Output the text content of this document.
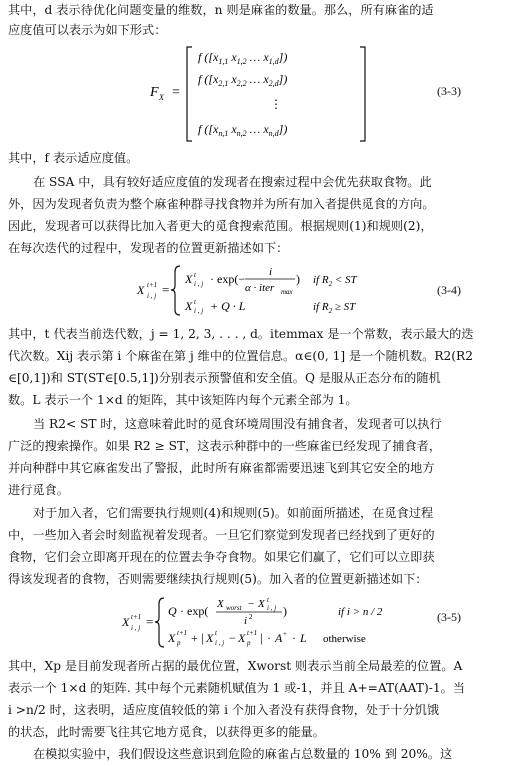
其中，d 表示待优化问题变量的维数，n 则是麻雀的数量。那么，所有麻雀的适
应度值可以表示为如下形式：
F X =
f ([$x_{1,1}$ $x_{1,2}$ … $x_{1,d}$])
f ([$x_{2,1}$ $x_{2,2}$ … $x_{2,d}$])
⋮
f ([$x_{n,1}$ $x_{n,2}$ … $x_{n,d}$])
(3-3)
其中，f 表示适应度值。
在 SSA 中，具有较好适应度值的发现者在搜索过程中会优先获取食物。此
外，因为发现者负责为整个麻雀种群寻找食物并为所有加入者提供觅食的方向。
因此，发现者可以获得比加入者更大的觅食搜索范围。根据规则(1)和规则(2)，
在每次迭代的过程中，发现者的位置更新描述如下：
X t+1
i , j =
X t
i , j · exp(− i
α · iter max
) if $R_2$ < ST
X t
i , j + Q · L	if $R_2$ ≥ ST
(3-4)
其中，t 代表当前迭代数，j = 1, 2, 3, . . . , d。itemmax 是一个常数，表示最大的迭
代次数。Xij 表示第 i 个麻雀在第 j 维中的位置信息。α∈(0, 1] 是一个随机数。R2(R2
∈[0,1])和 ST(ST∈[0.5,1])分别表示预警值和安全值。Q 是服从正态分布的随机
数。L 表示一个 1×d 的矩阵，其中该矩阵内每个元素全部为 1。
当 R2< ST 时，这意味着此时的觅食环境周围没有捕食者，发现者可以执行
广泛的搜索操作。如果 R2 ≥ ST，这表示种群中的一些麻雀已经发现了捕食者，
并向种群中其它麻雀发出了警报，此时所有麻雀都需要迅速飞到其它安全的地方
进行觅食。
对于加入者，它们需要执行规则(4)和规则(5)。如前面所描述，在觅食过程
中，一些加入者会时刻监视着发现者。一旦它们察觉到发现者已经找到了更好的
食物，它们会立即离开现在的位置去争夺食物。如果它们赢了，它们可以立即获
得该发现者的食物，否则需要继续执行规则(5)。加入者的位置更新描述如下：
X t+1
i , j =
Q · exp( X worst − X t
i , j
i 2	)	if i > n / 2
X t+1
p + | X t
i , j − X t+1
p | · A + · L otherwise
(3-5)
其中，Xp 是目前发现者所占据的最优位置，Xworst 则表示当前全局最差的位置。A
表示一个 1×d 的矩阵. 其中每个元素随机赋值为 1 或-1，并且 A+=AT(AAT)-1。当
i >n/2 时，这表明，适应度值较低的第 i 个加入者没有获得食物，处于十分饥饿
的状态，此时需要飞往其它地方觅食，以获得更多的能量。
在模拟实验中，我们假设这些意识到危险的麻雀占总数量的 10% 到 20%。这
